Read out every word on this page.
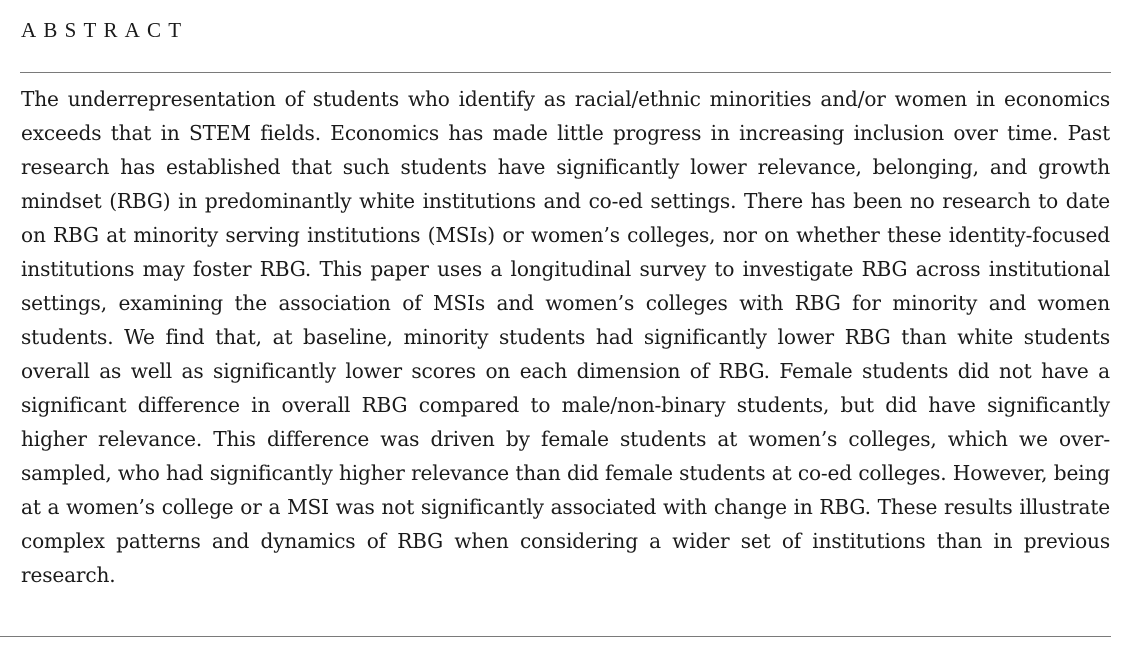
ABSTRACT

The underrepresentation of students who identify as racial/ethnic minorities and/or women in economics exceeds that in STEM fields. Economics has made little progress in increasing inclusion over time. Past research has established that such students have significantly lower relevance, belonging, and growth mindset (RBG) in predominantly white institutions and co-ed settings. There has been no research to date on RBG at minority serving institutions (MSIs) or women’s colleges, nor on whether these identity-focused institutions may foster RBG. This paper uses a longitudinal survey to investigate RBG across institutional settings, examining the association of MSIs and women’s colleges with RBG for minority and women students. We find that, at baseline, minority students had significantly lower RBG than white students overall as well as significantly lower scores on each dimension of RBG. Female students did not have a significant difference in overall RBG compared to male/non-binary students, but did have significantly higher relevance. This difference was driven by female students at women’s colleges, which we over-sampled, who had significantly higher relevance than did female students at co-ed colleges. However, being at a women’s college or a MSI was not significantly associated with change in RBG. These results illustrate complex patterns and dynamics of RBG when considering a wider set of institutions than in previous research.
